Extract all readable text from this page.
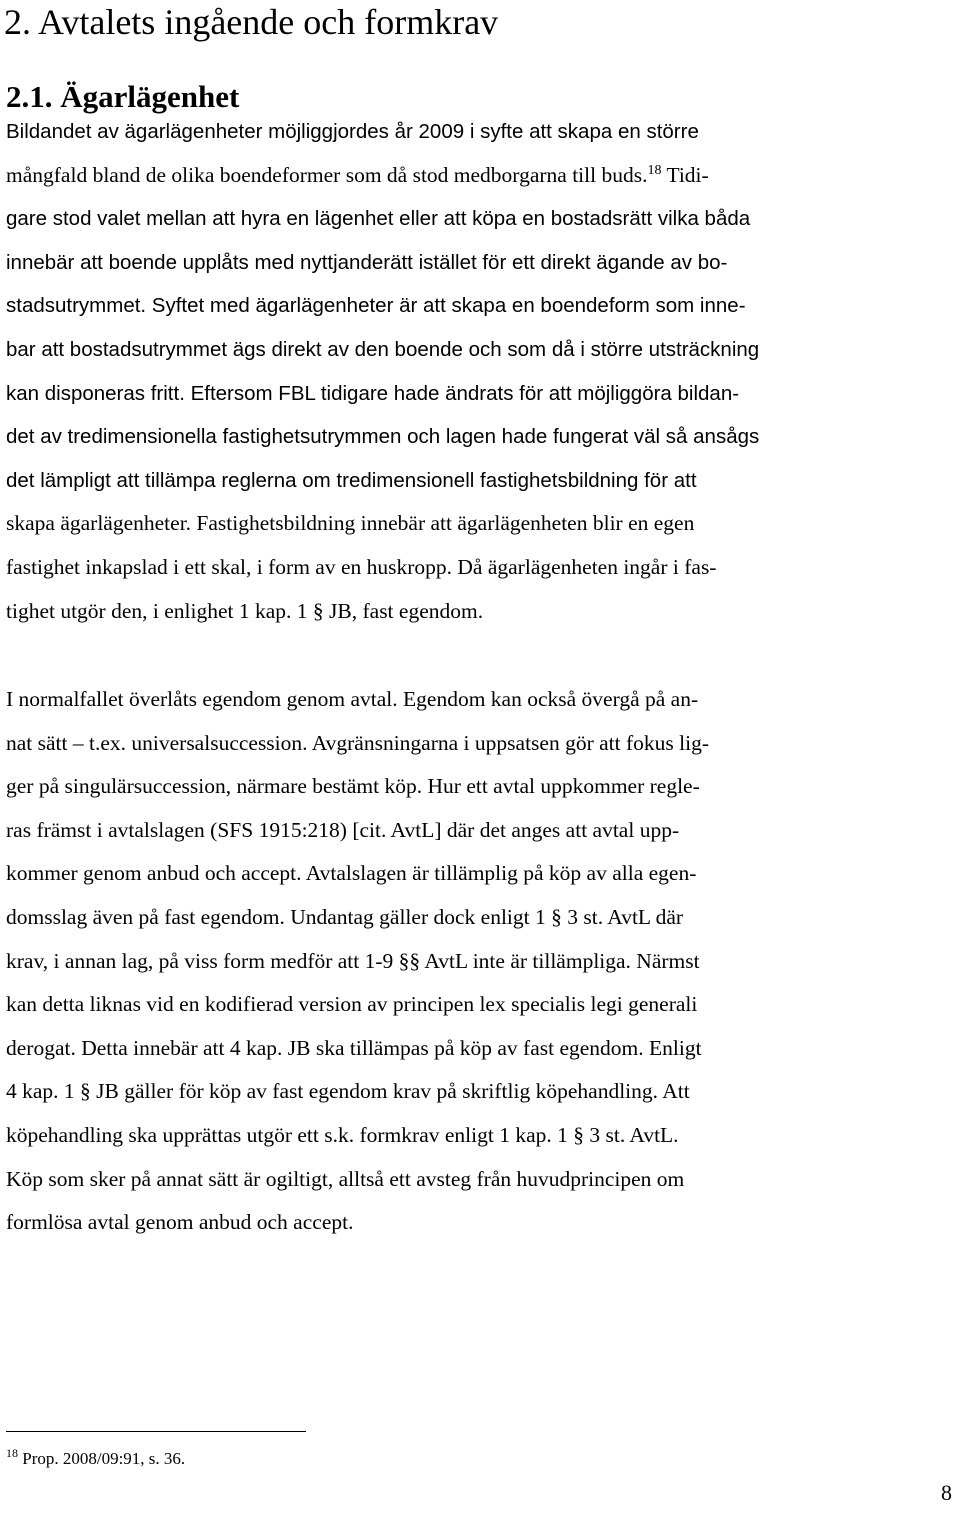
2. Avtalets ingående och formkrav
2.1. Ägarlägenhet
Bildandet av ägarlägenheter möjliggjordes år 2009 i syfte att skapa en större
mångfald bland de olika boendeformer som då stod medborgarna till buds.$^{18}$ Tidi-
gare stod valet mellan att hyra en lägenhet eller att köpa en bostadsrätt vilka båda
innebär att boende upplåts med nyttjanderätt istället för ett direkt ägande av bo-
stadsutrymmet. Syftet med ägarlägenheter är att skapa en boendeform som inne-
bar att bostadsutrymmet ägs direkt av den boende och som då i större utsträckning
kan disponeras fritt. Eftersom FBL tidigare hade ändrats för att möjliggöra bildan-
det av tredimensionella fastighetsutrymmen och lagen hade fungerat väl så ansågs
det lämpligt att tillämpa reglerna om tredimensionell fastighetsbildning för att
skapa ägarlägenheter. Fastighetsbildning innebär att ägarlägenheten blir en egen
fastighet inkapslad i ett skal, i form av en huskropp. Då ägarlägenheten ingår i fas-
tighet utgör den, i enlighet 1 kap. 1 § JB, fast egendom.
I normalfallet överlåts egendom genom avtal. Egendom kan också övergå på an-
nat sätt – t.ex. universalsuccession. Avgränsningarna i uppsatsen gör att fokus lig-
ger på singulärsuccession, närmare bestämt köp. Hur ett avtal uppkommer regle-
ras främst i avtalslagen (SFS 1915:218) [cit. AvtL] där det anges att avtal upp-
kommer genom anbud och accept. Avtalslagen är tillämplig på köp av alla egen-
domsslag även på fast egendom. Undantag gäller dock enligt 1 § 3 st. AvtL där
krav, i annan lag, på viss form medför att 1-9 §§ AvtL inte är tillämpliga. Närmst
kan detta liknas vid en kodifierad version av principen lex specialis legi generali
derogat. Detta innebär att 4 kap. JB ska tillämpas på köp av fast egendom. Enligt
4 kap. 1 § JB gäller för köp av fast egendom krav på skriftlig köpehandling. Att
köpehandling ska upprättas utgör ett s.k. formkrav enligt 1 kap. 1 § 3 st. AvtL.
Köp som sker på annat sätt är ogiltigt, alltså ett avsteg från huvudprincipen om
formlösa avtal genom anbud och accept.
$^{18}$ Prop. 2008/09:91, s. 36.
8
